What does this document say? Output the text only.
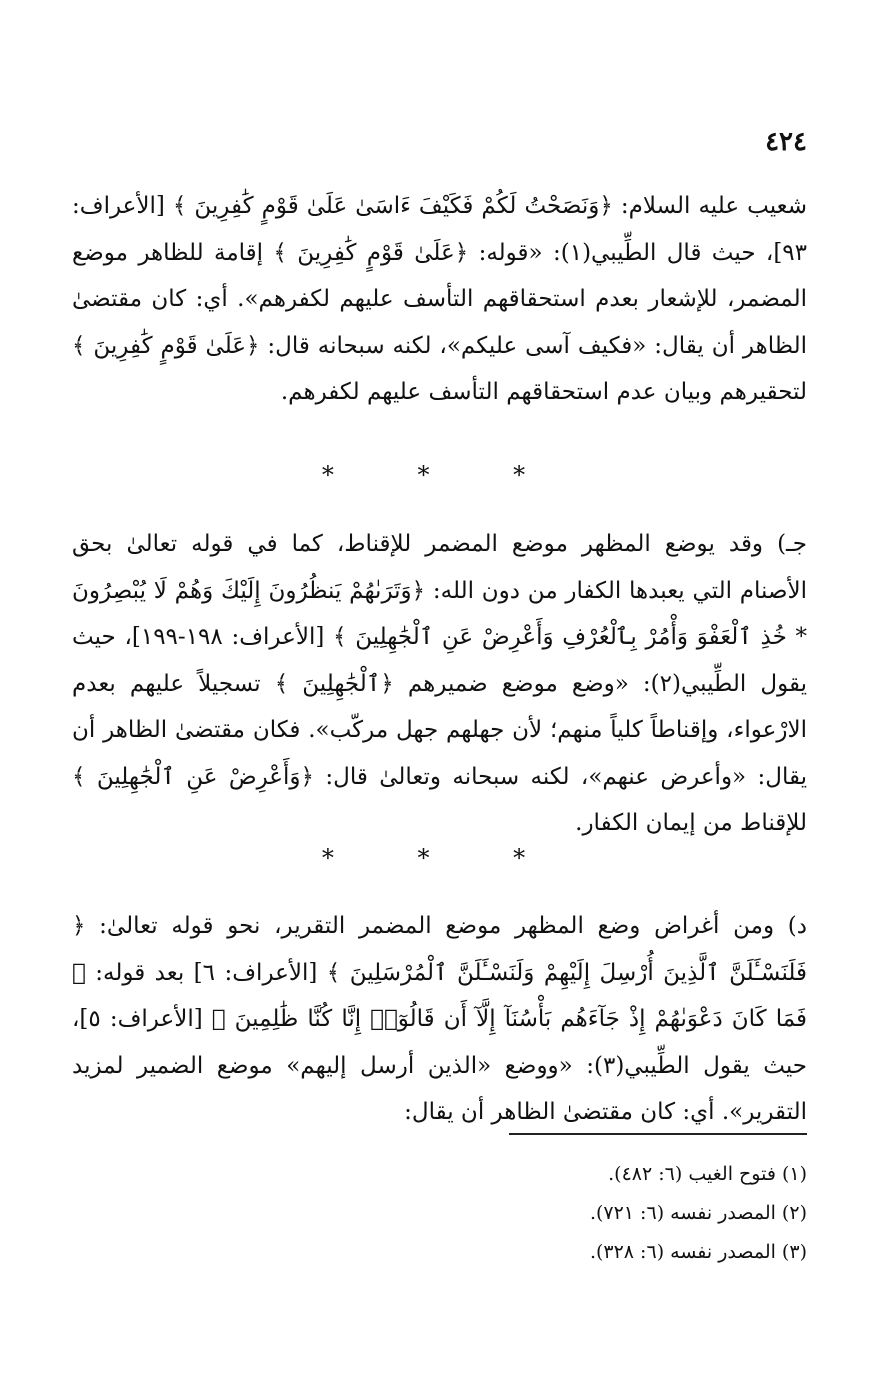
٤٢٤
شعيب عليه السلام: ﴿وَنَصَحْتُ لَكُمْ فَكَيْفَ ءَاسَىٰ عَلَىٰ قَوْمٍ كَٰفِرِينَ ﴾ [الأعراف: ٩٣]، حيث قال الطِّيبي(١): «قوله: ﴿عَلَىٰ قَوْمٍ كَٰفِرِينَ ﴾ إقامة للظاهر موضع المضمر، للإشعار بعدم استحقاقهم التأسف عليهم لكفرهم». أي: كان مقتضىٰ الظاهر أن يقال: «فكيف آسى عليكم»، لكنه سبحانه قال: ﴿عَلَىٰ قَوْمٍ كَٰفِرِينَ ﴾ لتحقيرهم وبيان عدم استحقاقهم التأسف عليهم لكفرهم.
* * *
جـ) وقد يوضع المظهر موضع المضمر للإقناط، كما في قوله تعالىٰ بحق الأصنام التي يعبدها الكفار من دون الله: ﴿وَتَرَىٰهُمْ يَنظُرُونَ إِلَيْكَ وَهُمْ لَا يُبْصِرُونَ * خُذِ ٱلْعَفْوَ وَأْمُرْ بِٱلْعُرْفِ وَأَعْرِضْ عَنِ ٱلْجَٰهِلِينَ ﴾ [الأعراف: ١٩٨-١٩٩]، حيث يقول الطِّيبي(٢): «وضع موضع ضميرهم ﴿ٱلْجَٰهِلِينَ ﴾ تسجيلاً عليهم بعدم الارْعواء، وإقناطاً كلياً منهم؛ لأن جهلهم جهل مركّب». فكان مقتضىٰ الظاهر أن يقال: «وأعرض عنهم»، لكنه سبحانه وتعالىٰ قال: ﴿وَأَعْرِضْ عَنِ ٱلْجَٰهِلِينَ ﴾ للإقناط من إيمان الكفار.
* * *
د) ومن أغراض وضع المظهر موضع المضمر التقرير، نحو قوله تعالىٰ: ﴿ فَلَنَسْـَٔلَنَّ ٱلَّذِينَ أُرْسِلَ إِلَيْهِمْ وَلَنَسْـَٔلَنَّ ٱلْمُرْسَلِينَ ﴾ [الأعراف: ٦] بعد قوله: ﴿ فَمَا كَانَ دَعْوَىٰهُمْ إِذْ جَآءَهُم بَأْسُنَآ إِلَّآ أَن قَالُوٓا۟ إِنَّا كُنَّا ظَٰلِمِينَ ﴾ [الأعراف: ٥]، حيث يقول الطِّيبي(٣): «ووضع «الذين أرسل إليهم» موضع الضمير لمزيد التقرير». أي: كان مقتضىٰ الظاهر أن يقال:
(١) فتوح الغيب (٦: ٤٨٢).
(٢) المصدر نفسه (٦: ٧٢١).
(٣) المصدر نفسه (٦: ٣٢٨).
